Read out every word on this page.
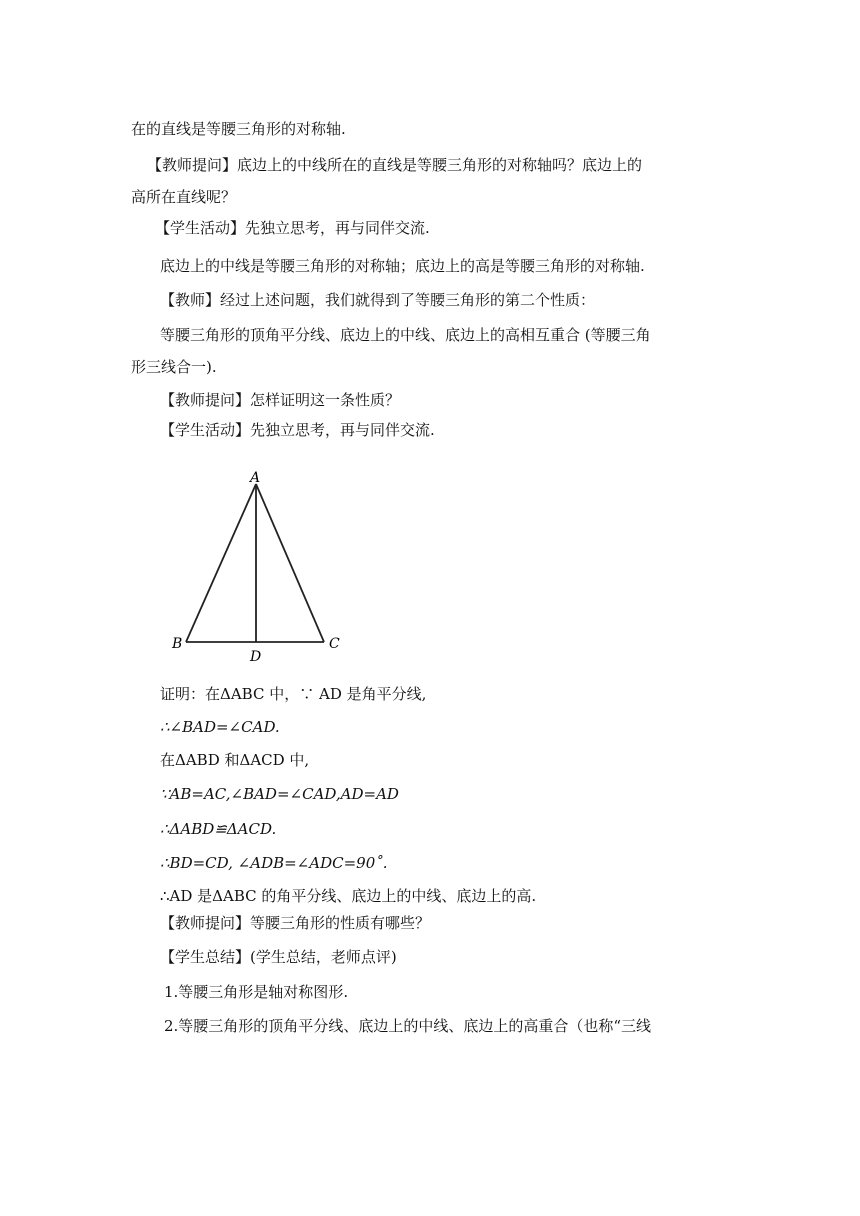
在的直线是等腰三角形的对称轴.
【教师提问】底边上的中线所在的直线是等腰三角形的对称轴吗？底边上的
高所在直线呢？
【学生活动】先独立思考，再与同伴交流.
底边上的中线是等腰三角形的对称轴；底边上的高是等腰三角形的对称轴.
【教师】经过上述问题，我们就得到了等腰三角形的第二个性质：
等腰三角形的顶角平分线、底边上的中线、底边上的高相互重合 (等腰三角
形三线合一).
【教师提问】怎样证明这一条性质？
【学生活动】先独立思考，再与同伴交流.
A
B	C
D
证明：在ΔABC 中，∵ AD 是角平分线,
∴∠BAD=∠CAD.
在ΔABD 和ΔACD 中,
∵AB=AC,∠BAD=∠CAD,AD=AD
∴ΔABD≌ΔACD.
∴BD=CD, ∠ADB=∠ADC=90˚.
∴AD 是ΔABC 的角平分线、底边上的中线、底边上的高.
【教师提问】等腰三角形的性质有哪些？
【学生总结】(学生总结，老师点评)
1.等腰三角形是轴对称图形.
2.等腰三角形的顶角平分线、底边上的中线、底边上的高重合（也称“三线
